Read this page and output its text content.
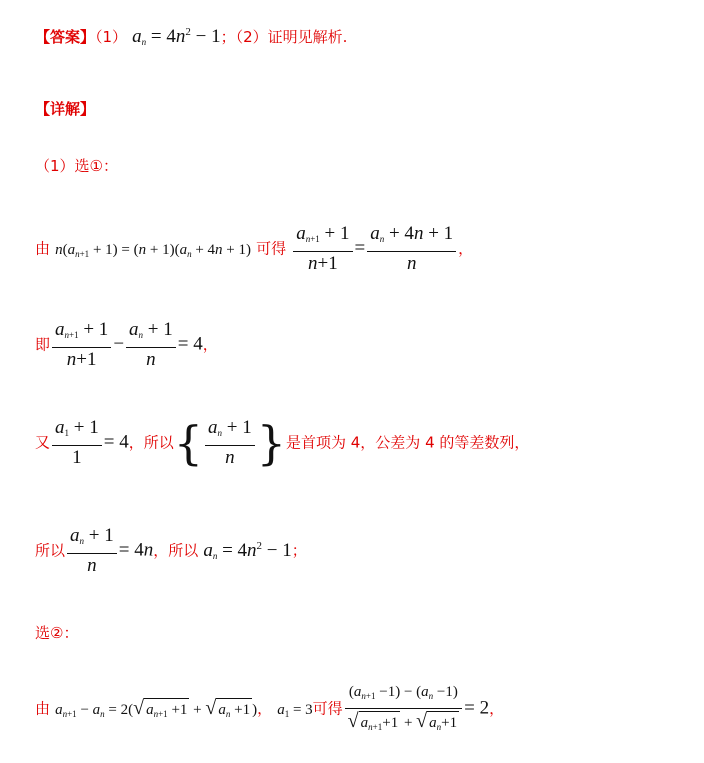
【答案】（1） $a_n = 4n^2 - 1$；（2）证明见解析.
【详解】
（1）选①：
由 $n(a_{n+1} + 1) = (n + 1)(a_n + 4n + 1)$ 可得 $\frac{a_{n+1} + 1}{n+1} = \frac{a_n + 4n + 1}{n}$ ，
即 $\frac{a_{n+1} + 1}{n+1} - \frac{a_n + 1}{n} = 4$，
又 $\frac{a_1 + 1}{1} = 4$，所以{ $\frac{a_n + 1}{n}$ }是首项为 4，公差为 4 的等差数列，
所以 $\frac{a_n + 1}{n} = 4n$，所以 $a_n = 4n^2 - 1$；
选②：
由 $a_{n+1} - a_n = 2(√$ $a_{n+1} +1$ + √ $a_n +1$ )， $a_1 = 3$可得 $\frac{(a_{n+1} -1) - (a_n -1)}{√ a_{n+1}+1 + √ a_n+1} = 2$，
